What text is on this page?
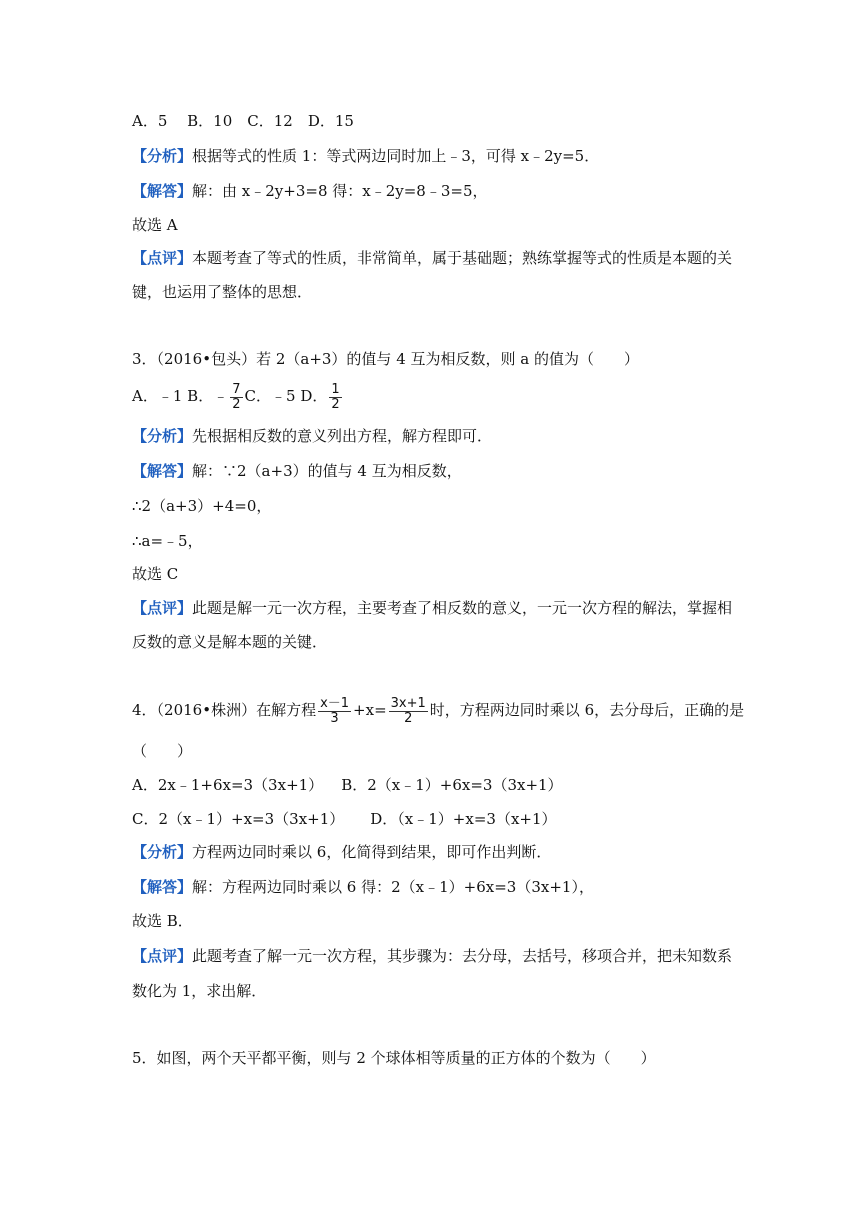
A．5　 B．10　C．12　D．15
【分析】根据等式的性质 1：等式两边同时加上﹣3，可得 x﹣2y=5．
【解答】解：由 x﹣2y+3=8 得：x﹣2y=8﹣3=5，
故选 A
【点评】本题考查了等式的性质，非常简单，属于基础题；熟练掌握等式的性质是本题的关
键，也运用了整体的思想．
3．（2016•包头）若 2（a+3）的值与 4 互为相反数，则 a 的值为（　　）
A．﹣1 B．﹣ $\frac{7}{2}$ C．﹣5 D． $\frac{1}{2}$
【分析】先根据相反数的意义列出方程，解方程即可．
【解答】解：∵2（a+3）的值与 4 互为相反数，
∴2（a+3）+4=0，
∴a=﹣5，
故选 C
【点评】此题是解一元一次方程，主要考查了相反数的意义，一元一次方程的解法，掌握相
反数的意义是解本题的关键．
4．（2016•株洲）在解方程 $\frac{x-1}{3} +x= \frac{3x+1}{2}$ 时，方程两边同时乘以 6，去分母后，正确的是
（　　）
A．2x﹣1+6x=3（3x+1） B．2（x﹣1）+6x=3（3x+1）
C．2（x﹣1）+x=3（3x+1） D．（x﹣1）+x=3（x+1）
【分析】方程两边同时乘以 6，化简得到结果，即可作出判断．
【解答】解：方程两边同时乘以 6 得：2（x﹣1）+6x=3（3x+1），
故选 B．
【点评】此题考查了解一元一次方程，其步骤为：去分母，去括号，移项合并，把未知数系
数化为 1，求出解．
5．如图，两个天平都平衡，则与 2 个球体相等质量的正方体的个数为（　　）
